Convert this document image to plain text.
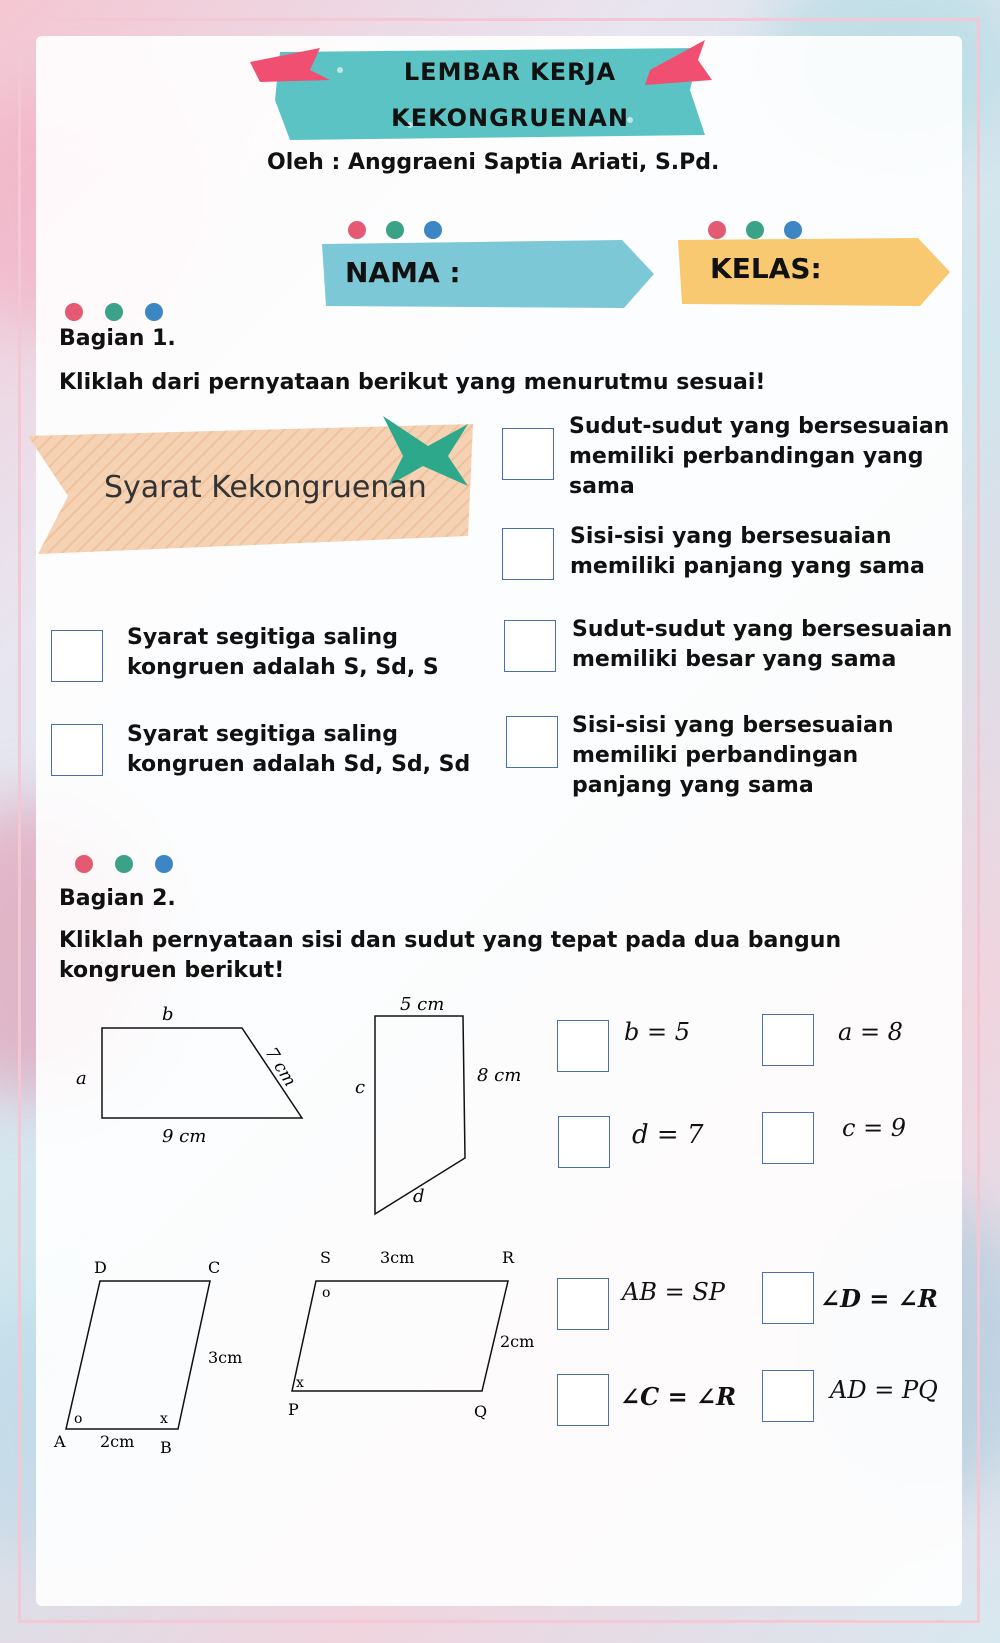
LEMBAR KERJA
KEKONGRUENAN
Oleh : Anggraeni Saptia Ariati, S.Pd.
NAMA :	KELAS:
Bagian 1.
Kliklah dari pernyataan berikut yang menurutmu sesuai!
Syarat Kekongruenan
Sudut-sudut yang bersesuaian memiliki perbandingan yang sama
Sisi-sisi yang bersesuaian memiliki panjang yang sama
Syarat segitiga saling kongruen adalah S, Sd, S
Sudut-sudut yang bersesuaian memiliki besar yang sama
Syarat segitiga saling kongruen adalah Sd, Sd, Sd
Sisi-sisi yang bersesuaian memiliki perbandingan panjang yang sama
Bagian 2.
Kliklah pernyataan sisi dan sudut yang tepat pada dua bangun
kongruen berikut!
b
a	7 cm
9 cm
5 cm
c
8 cm
d
b = 5	a = 8
d = 7	c = 9
D	C
3cm
o	x
A 2cm B
S	3cm	R
o
2cm
x
P	Q
AB = SP	∠D = ∠R
∠C = ∠R	AD = PQ
